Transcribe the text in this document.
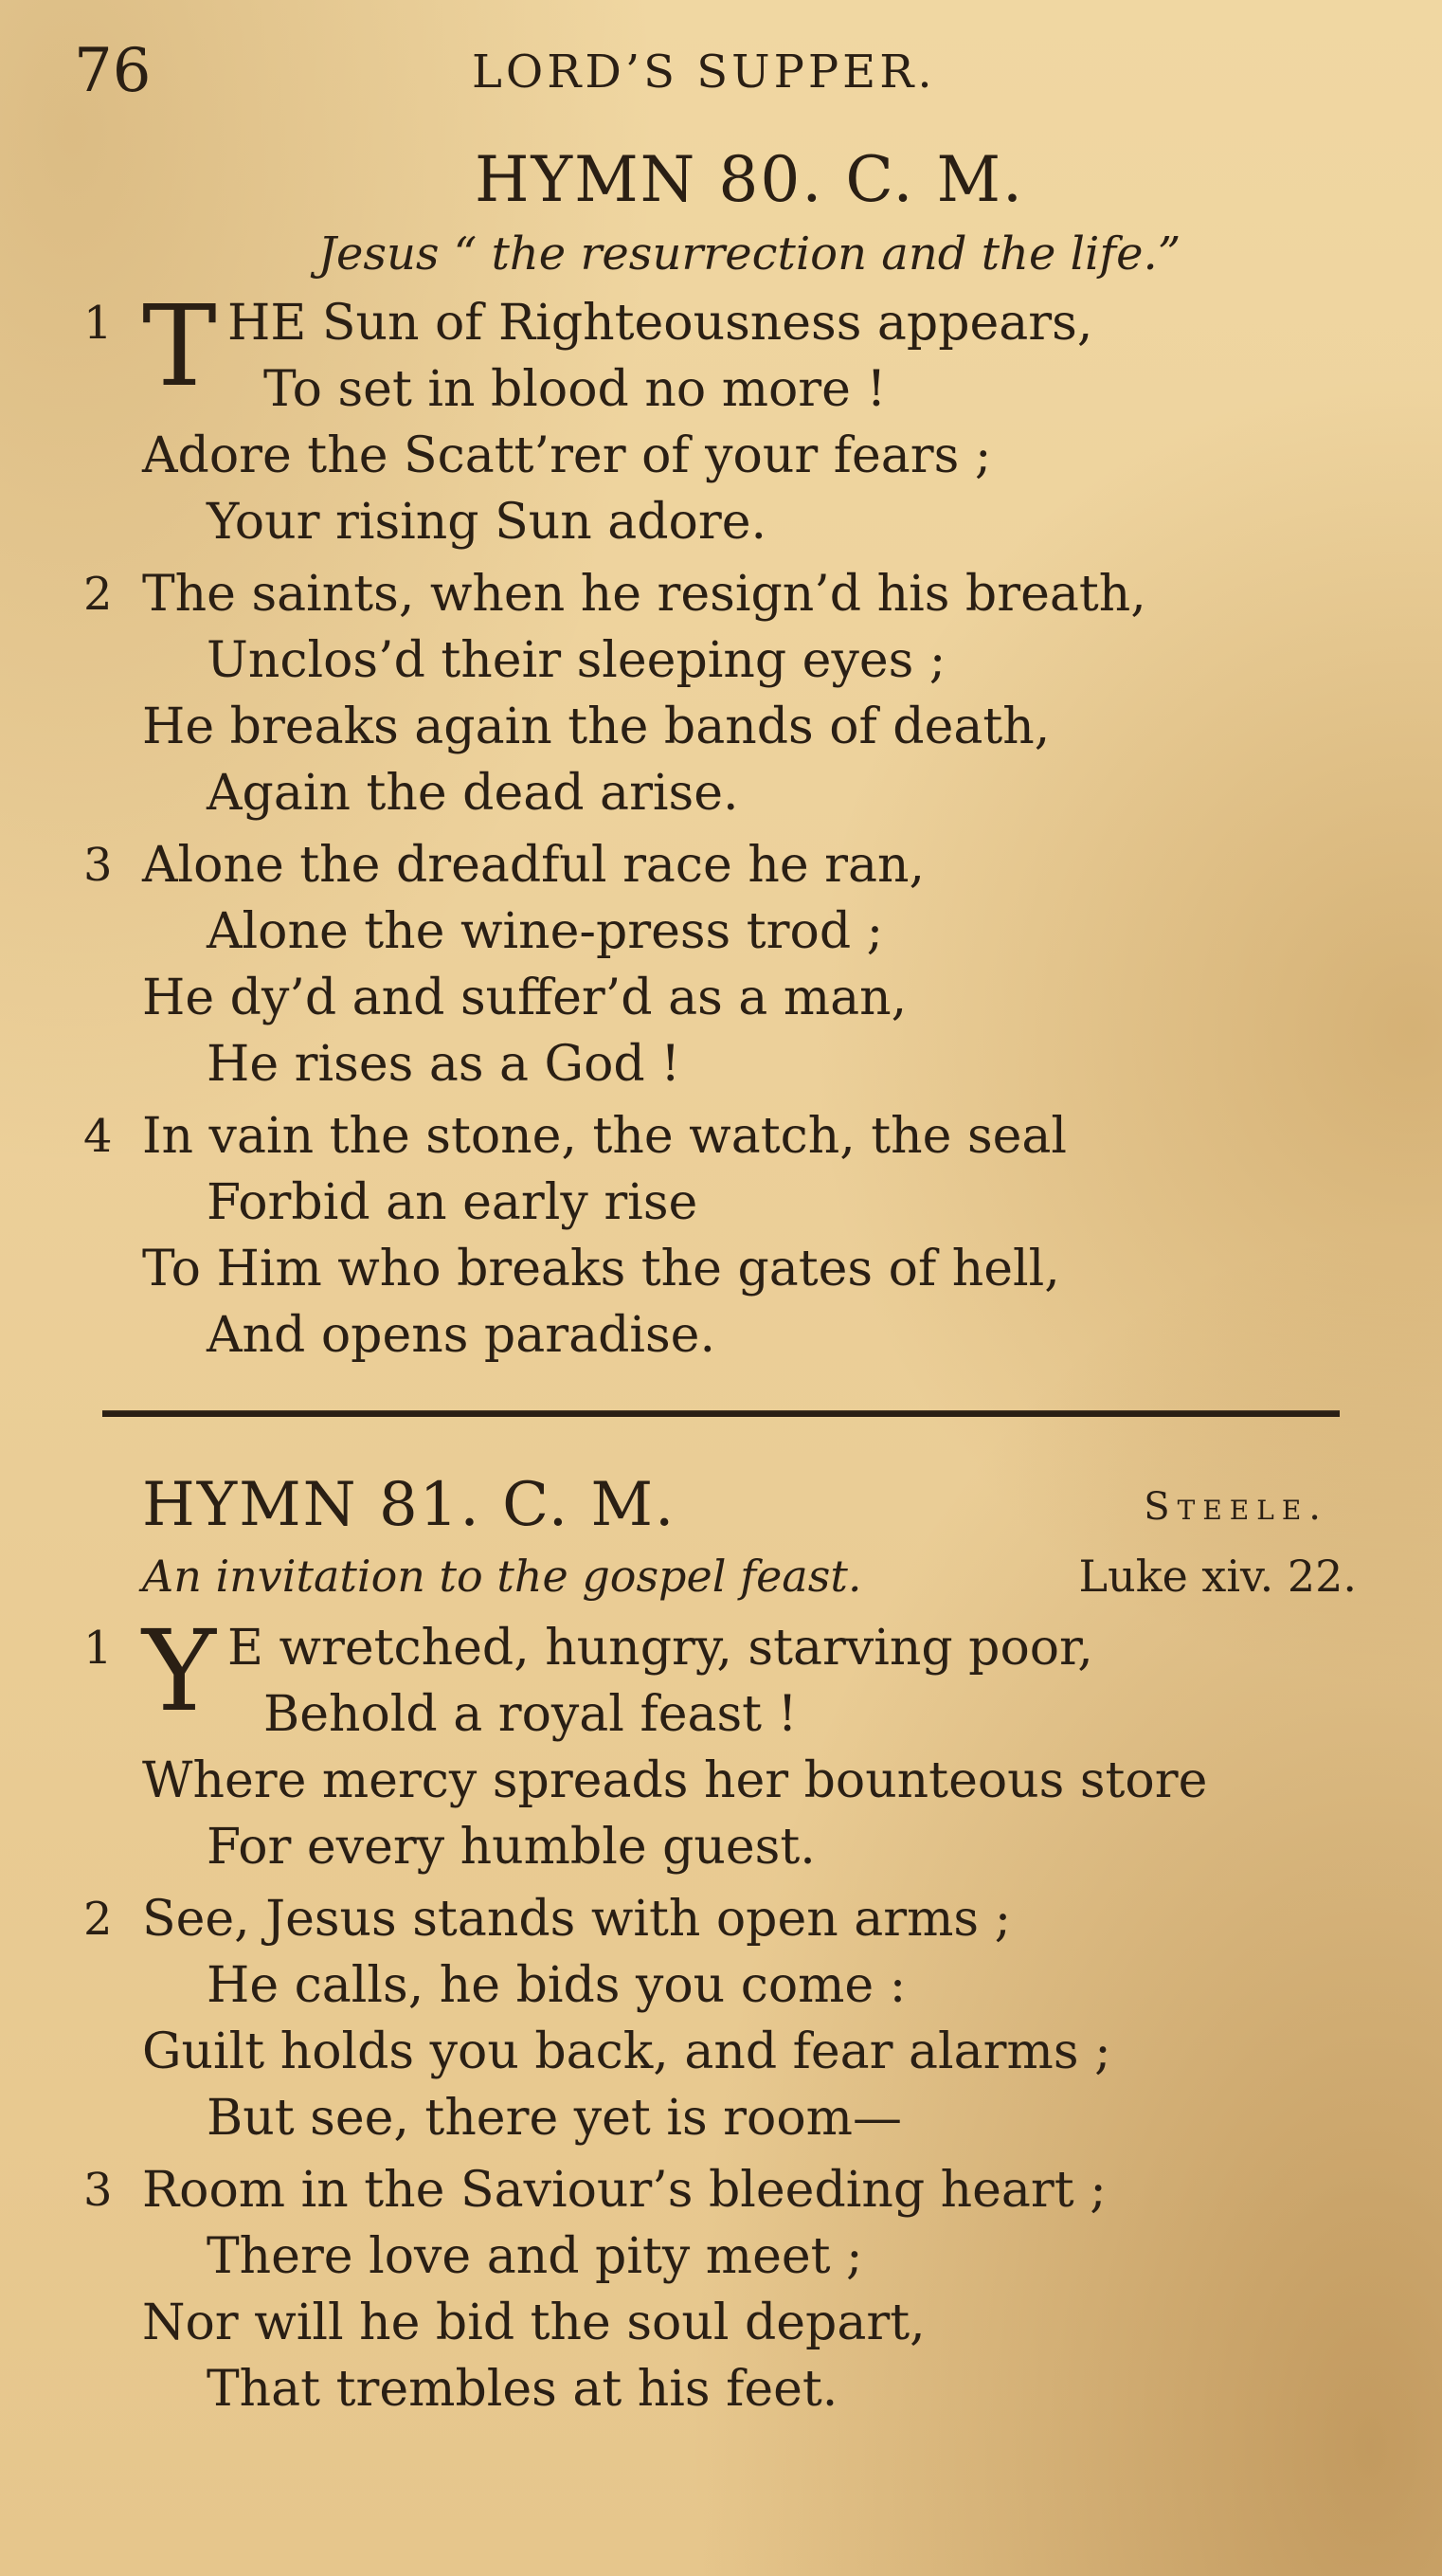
76	LORD’S SUPPER.
HYMN 80. C. M.
Jesus “ the resurrection and the life.”
1 T HE Sun of Righteousness appears,
To set in blood no more !
Adore the Scatt’rer of your fears ;
Your rising Sun adore.
2 The saints, when he resign’d his breath,
Unclos’d their sleeping eyes ;
He breaks again the bands of death,
Again the dead arise.
3 Alone the dreadful race he ran,
Alone the wine-press trod ;
He dy’d and suffer’d as a man,
He rises as a God !
4 In vain the stone, the watch, the seal
Forbid an early rise
To Him who breaks the gates of hell,
And opens paradise.
HYMN 81. C. M.	Steele.
An invitation to the gospel feast.	Luke xiv. 22.
1 Y E wretched, hungry, starving poor,
Behold a royal feast !
Where mercy spreads her bounteous store
For every humble guest.
2 See, Jesus stands with open arms ;
He calls, he bids you come :
Guilt holds you back, and fear alarms ;
But see, there yet is room—
3 Room in the Saviour’s bleeding heart ;
There love and pity meet ;
Nor will he bid the soul depart,
That trembles at his feet.
